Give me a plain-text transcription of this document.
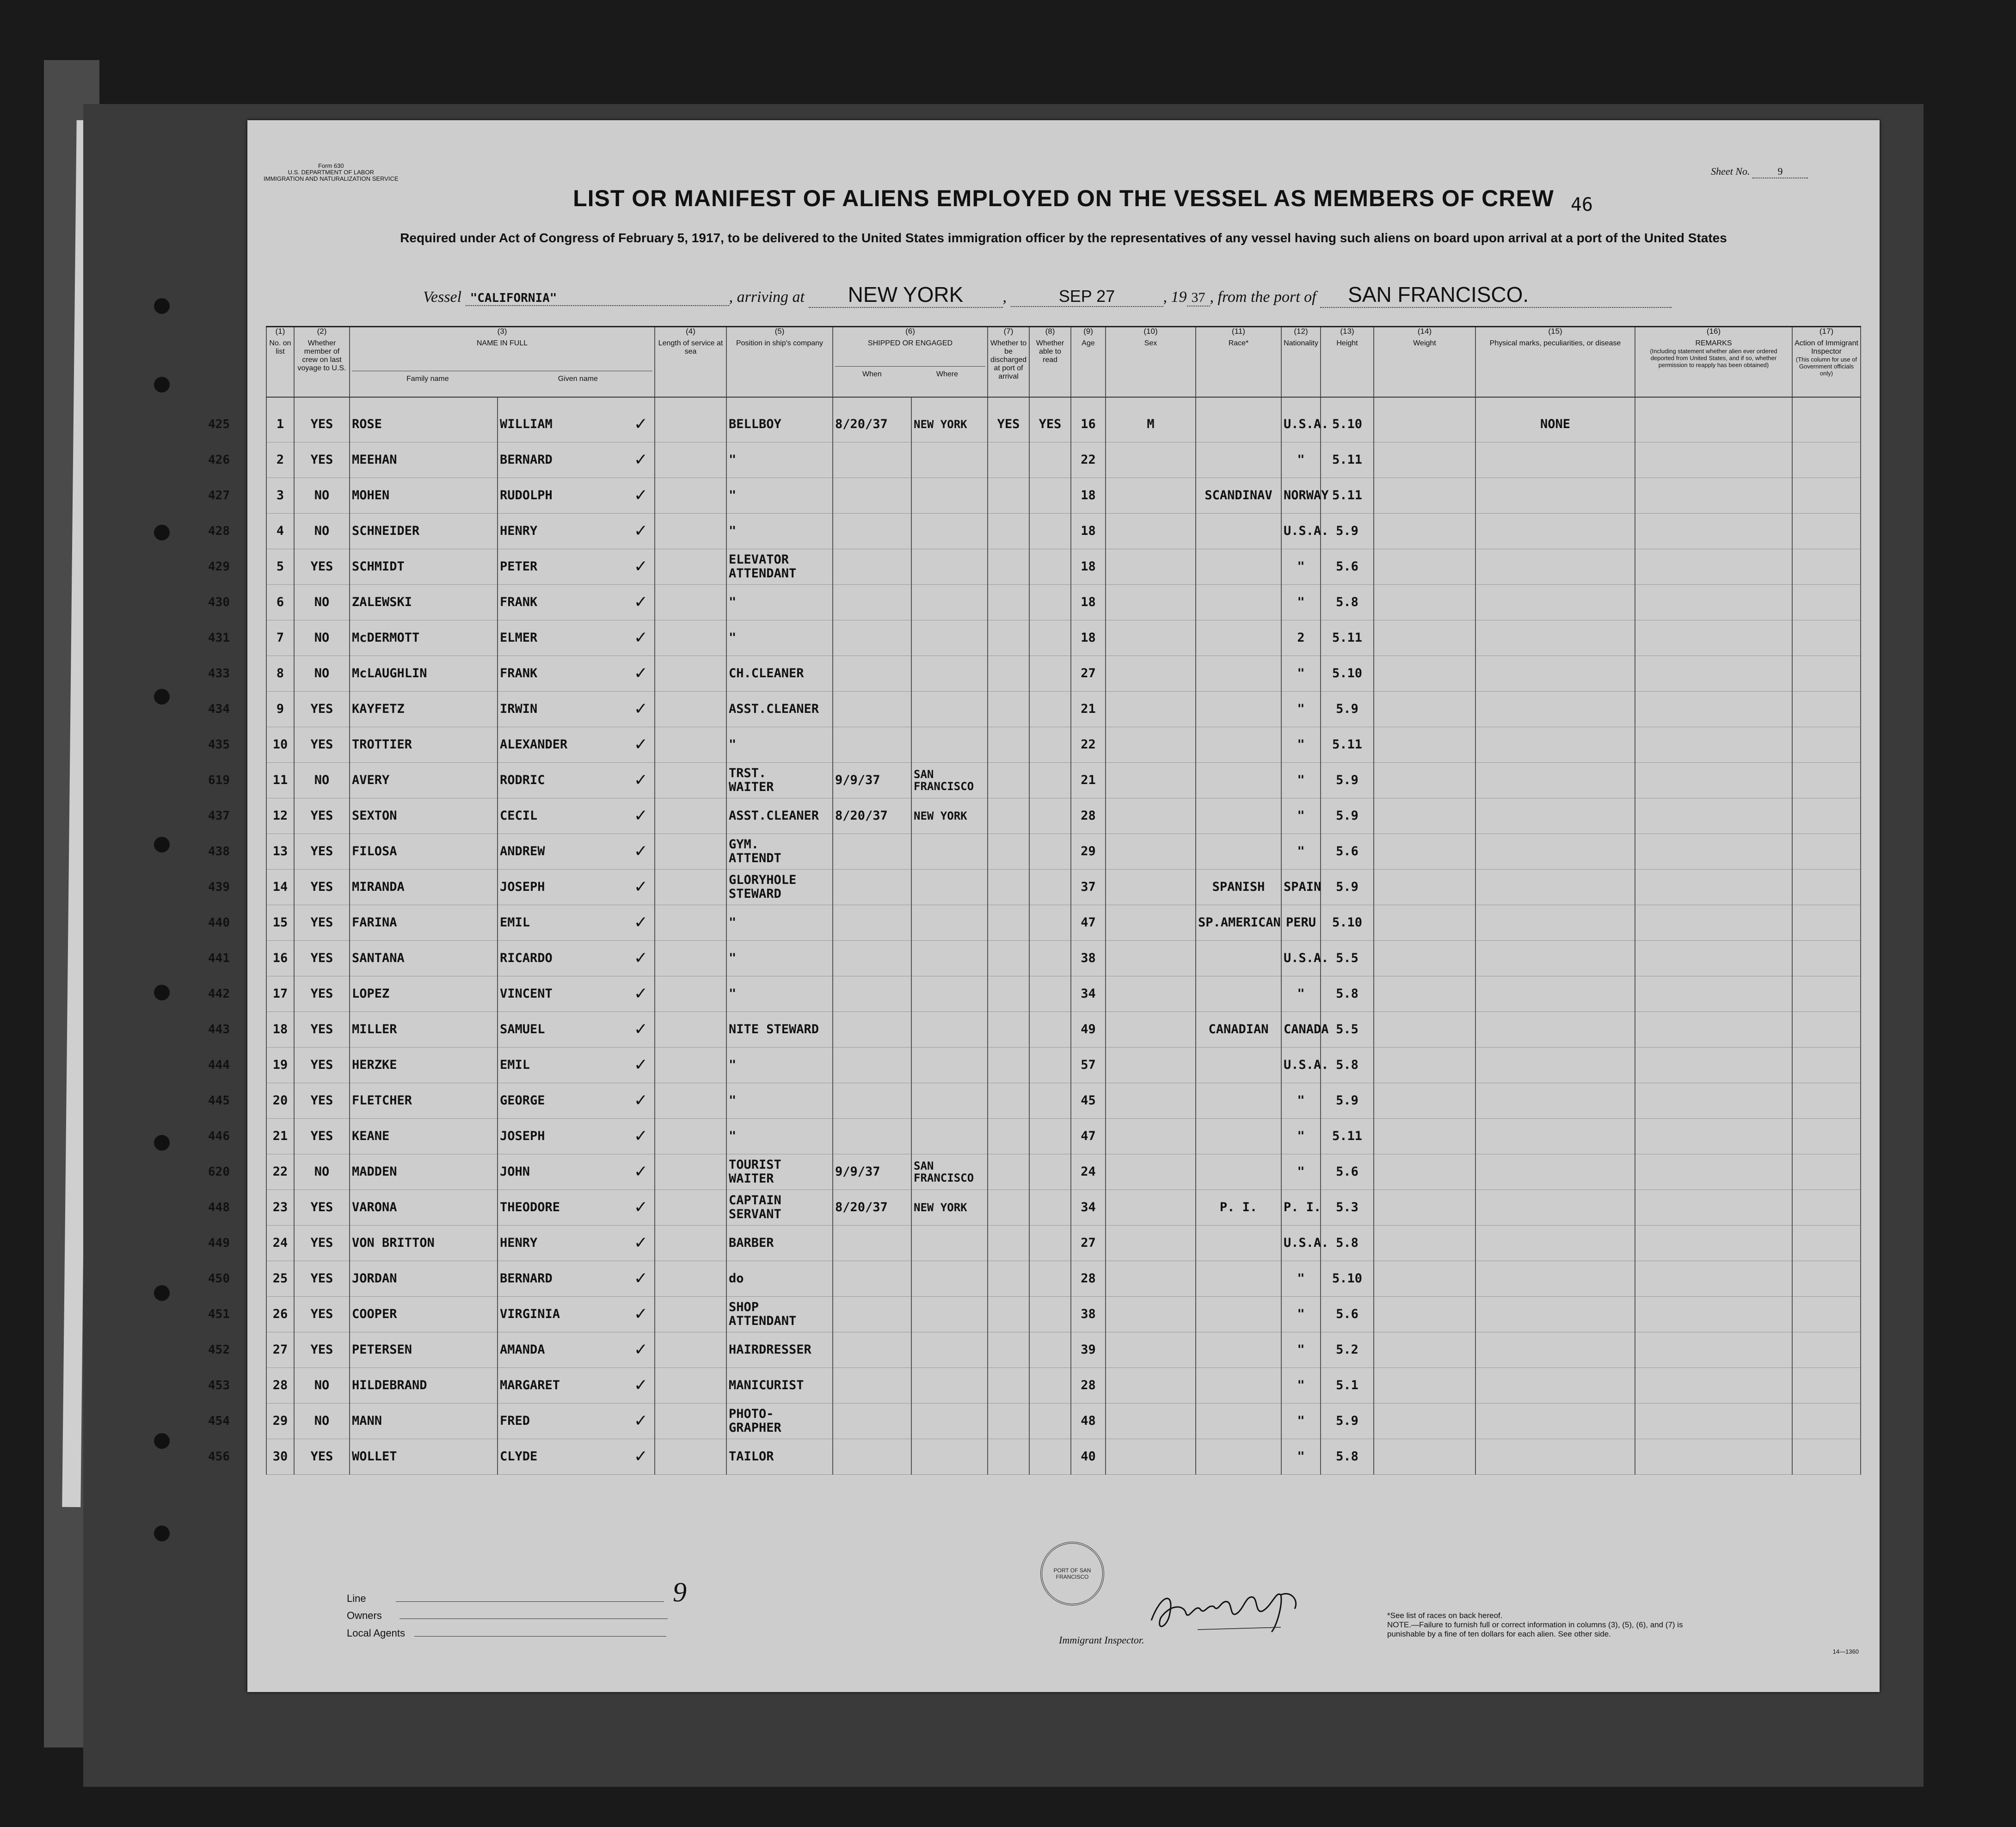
Form 630
U.S. DEPARTMENT OF LABOR
IMMIGRATION AND NATURALIZATION SERVICE
Sheet No.	9
46
LIST OR MANIFEST OF ALIENS EMPLOYED ON THE VESSEL AS MEMBERS OF CREW
Required under Act of Congress of February 5, 1917, to be delivered to the United States immigration officer by the representatives of any vessel having such aliens on board upon arrival at a port of the United States
Vessel "CALIFORNIA"	, arriving at NEW YORK	,	SEP 27	, 19 37 , from the port of SAN FRANCISCO.
(1)
No. on list	(2)
Whether member of crew on last voyage to U.S.	(3)
NAME IN FULL
Family name Given name		(4)
Length of service at sea	(5)
Position in ship's company	(6)
SHIPPED OR ENGAGED
When Where		(7)
Whether to be discharged at port of arrival	(8)
Whether able to read	(9)
Age	(10)
Sex	(11)
Race*	(12)
Nationality	(13)
Height	(14)
Weight	(15)
Physical marks, peculiarities, or disease	(16)
REMARKS
(Including statement whether alien ever ordered deported from United States, and if so, whether permission to reapply has been obtained)	(17)
Action of Immigrant Inspector
(This column for use of Government officials only)

425 1	YES	ROSE	WILLIAM ✓		BELLBOY	8/20/37	NEW YORK	YES	YES	16	M		U.S.A.	5.10		NONE		

426 2	YES	MEEHAN	BERNARD ✓		"					22			"	5.11				

427 3	NO	MOHEN	RUDOLPH ✓		"					18		SCANDINAV	NORWAY	5.11				

428 4	NO	SCHNEIDER	HENRY ✓		"					18			U.S.A.	5.9				

429 5	YES	SCHMIDT	PETER ✓		ELEVATOR
ATTENDANT					18			"	5.6				

430 6	NO	ZALEWSKI	FRANK ✓		"					18			"	5.8				

431 7	NO	McDERMOTT	ELMER ✓		"					18			2	5.11				

433 8	NO	McLAUGHLIN	FRANK ✓		CH.CLEANER					27			"	5.10				

434 9	YES	KAYFETZ	IRWIN ✓		ASST.CLEANER					21			"	5.9				

435 10	YES	TROTTIER	ALEXANDER ✓		"					22			"	5.11				

619 11	NO	AVERY	RODRIC ✓		TRST.
WAITER	9/9/37	SAN FRANCISCO			21			"	5.9				

437 12	YES	SEXTON	CECIL ✓		ASST.CLEANER	8/20/37	NEW YORK			28			"	5.9				

438 13	YES	FILOSA	ANDREW ✓		GYM.
ATTENDT					29			"	5.6				

439 14	YES	MIRANDA	JOSEPH ✓		GLORYHOLE
STEWARD					37		SPANISH	SPAIN	5.9				

440 15	YES	FARINA	EMIL ✓		"					47		SP.AMERICAN	PERU	5.10				

441 16	YES	SANTANA	RICARDO ✓		"					38			U.S.A.	5.5				

442 17	YES	LOPEZ	VINCENT ✓		"					34			"	5.8				

443 18	YES	MILLER	SAMUEL ✓		NITE STEWARD					49		CANADIAN	CANADA	5.5				

444 19	YES	HERZKE	EMIL ✓		"					57			U.S.A.	5.8				

445 20	YES	FLETCHER	GEORGE ✓		"					45			"	5.9				

446 21	YES	KEANE	JOSEPH ✓		"					47			"	5.11				

620 22	NO	MADDEN	JOHN ✓		TOURIST
WAITER	9/9/37	SAN FRANCISCO			24			"	5.6				

448 23	YES	VARONA	THEODORE ✓		CAPTAIN
SERVANT	8/20/37	NEW YORK			34		P. I.	P. I.	5.3				

449 24	YES	VON BRITTON	HENRY ✓		BARBER					27			U.S.A.	5.8				

450 25	YES	JORDAN	BERNARD ✓		do					28			"	5.10				

451 26	YES	COOPER	VIRGINIA ✓		SHOP
ATTENDANT					38			"	5.6				

452 27	YES	PETERSEN	AMANDA ✓		HAIRDRESSER					39			"	5.2				

453 28	NO	HILDEBRAND	MARGARET ✓		MANICURIST					28			"	5.1				

454 29	NO	MANN	FRED ✓		PHOTO-
GRAPHER					48			"	5.9				

456 30	YES	WOLLET	CLYDE ✓		TAILOR					40			"	5.8				
Line
Owners
Local Agents
9
PORT OF SAN FRANCISCO
Immigrant Inspector.
*See list of races on back hereof.
NOTE.—Failure to furnish full or correct information in columns (3), (5), (6), and (7) is punishable by a fine of ten dollars for each alien. See other side.
14—1360
